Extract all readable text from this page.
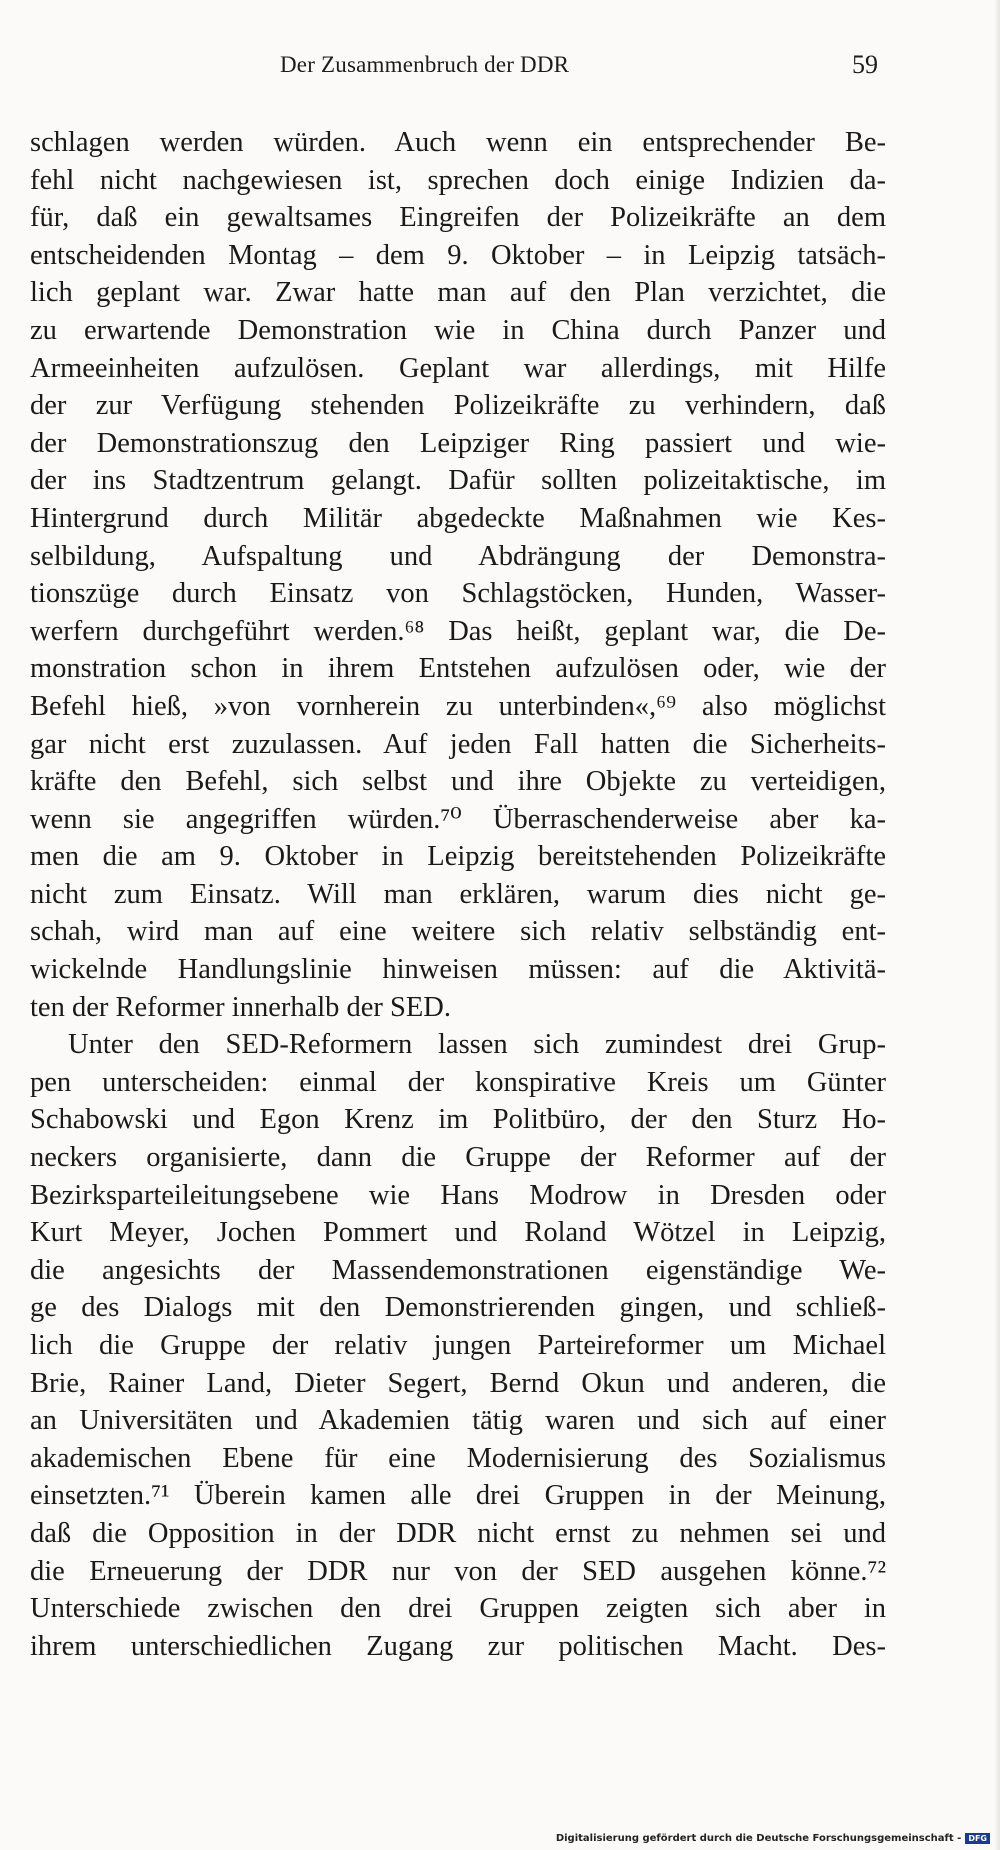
Der Zusammenbruch der DDR	59
schlagen werden würden. Auch wenn ein entsprechender Be-
fehl nicht nachgewiesen ist, sprechen doch einige Indizien da-
für, daß ein gewaltsames Eingreifen der Polizeikräfte an dem
entscheidenden Montag – dem 9. Oktober – in Leipzig tatsäch-
lich geplant war. Zwar hatte man auf den Plan verzichtet, die
zu erwartende Demonstration wie in China durch Panzer und
Armeeinheiten aufzulösen. Geplant war allerdings, mit Hilfe
der zur Verfügung stehenden Polizeikräfte zu verhindern, daß
der Demonstrationszug den Leipziger Ring passiert und wie-
der ins Stadtzentrum gelangt. Dafür sollten polizeitaktische, im
Hintergrund durch Militär abgedeckte Maßnahmen wie Kes-
selbildung, Aufspaltung und Abdrängung der Demonstra-
tionszüge durch Einsatz von Schlagstöcken, Hunden, Wasser-
werfern durchgeführt werden.⁶⁸ Das heißt, geplant war, die De-
monstration schon in ihrem Entstehen aufzulösen oder, wie der
Befehl hieß, »von vornherein zu unterbinden«,⁶⁹ also möglichst
gar nicht erst zuzulassen. Auf jeden Fall hatten die Sicherheits-
kräfte den Befehl, sich selbst und ihre Objekte zu verteidigen,
wenn sie angegriffen würden.⁷⁰ Überraschenderweise aber ka-
men die am 9. Oktober in Leipzig bereitstehenden Polizeikräfte
nicht zum Einsatz. Will man erklären, warum dies nicht ge-
schah, wird man auf eine weitere sich relativ selbständig ent-
wickelnde Handlungslinie hinweisen müssen: auf die Aktivitä-
ten der Reformer innerhalb der SED.
Unter den SED-Reformern lassen sich zumindest drei Grup-
pen unterscheiden: einmal der konspirative Kreis um Günter
Schabowski und Egon Krenz im Politbüro, der den Sturz Ho-
neckers organisierte, dann die Gruppe der Reformer auf der
Bezirksparteileitungsebene wie Hans Modrow in Dresden oder
Kurt Meyer, Jochen Pommert und Roland Wötzel in Leipzig,
die angesichts der Massendemonstrationen eigenständige We-
ge des Dialogs mit den Demonstrierenden gingen, und schließ-
lich die Gruppe der relativ jungen Parteireformer um Michael
Brie, Rainer Land, Dieter Segert, Bernd Okun und anderen, die
an Universitäten und Akademien tätig waren und sich auf einer
akademischen Ebene für eine Modernisierung des Sozialismus
einsetzten.⁷¹ Überein kamen alle drei Gruppen in der Meinung,
daß die Opposition in der DDR nicht ernst zu nehmen sei und
die Erneuerung der DDR nur von der SED ausgehen könne.⁷²
Unterschiede zwischen den drei Gruppen zeigten sich aber in
ihrem unterschiedlichen Zugang zur politischen Macht. Des-
Digitalisierung gefördert durch die Deutsche Forschungsgemeinschaft - DFG
